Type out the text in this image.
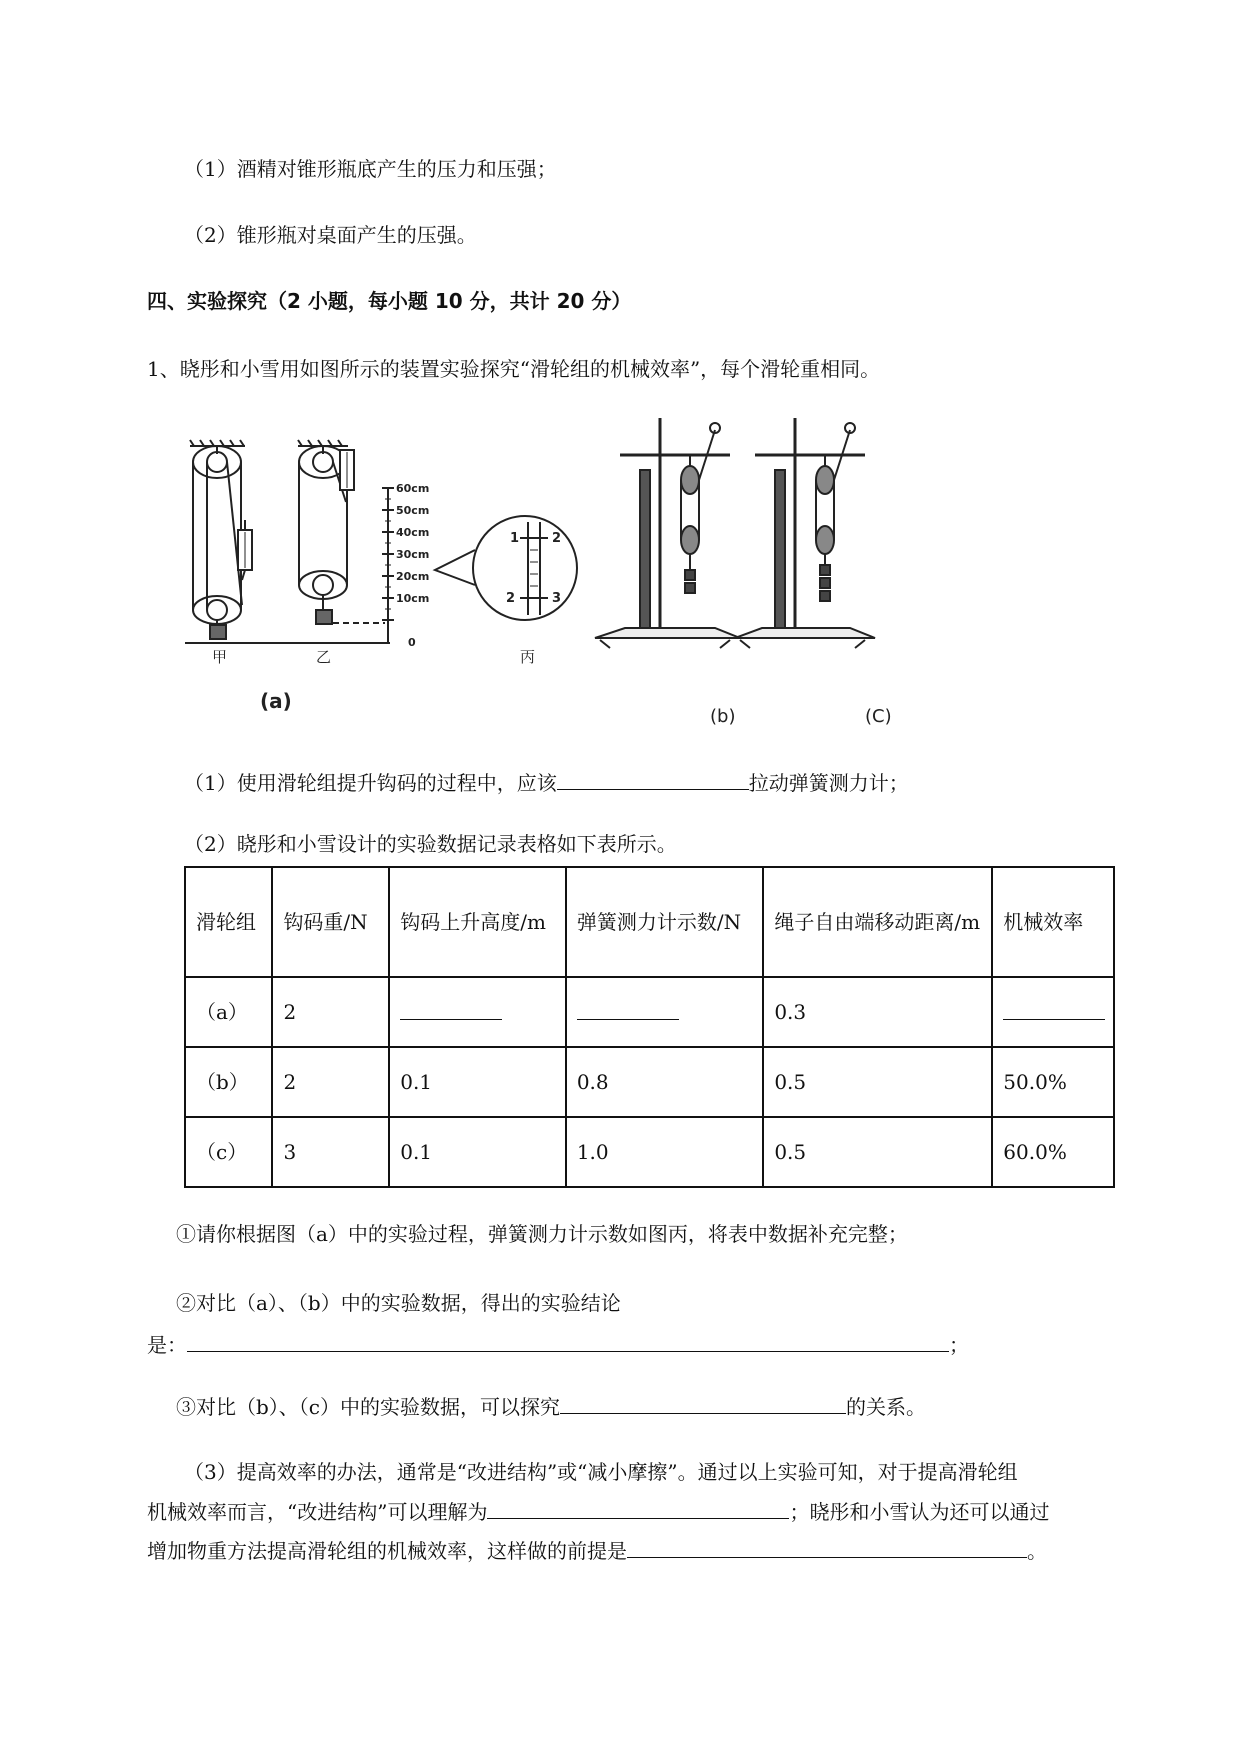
（1）酒精对锥形瓶底产生的压力和压强；
（2）锥形瓶对桌面产生的压强。
四、实验探究（2 小题，每小题 10 分，共计 20 分）
1、晓彤和小雪用如图所示的装置实验探究“滑轮组的机械效率”，每个滑轮重相同。
60cm
50cm
40cm
30cm
20cm
10cm
0
1
2
2
3
甲	乙	丙
(a)
(b)	(C)
（1）使用滑轮组提升钩码的过程中，应该	拉动弹簧测力计；
（2）晓彤和小雪设计的实验数据记录表格如下表所示。
滑轮组	钩码重/N	钩码上升高度/m	弹簧测力计示数/N	绳子自由端移动距离/m	机械效率
（a）	2			0.3	
（b）	2	0.1	0.8	0.5	50.0%
（c）	3	0.1	1.0	0.5	60.0%
①请你根据图（a）中的实验过程，弹簧测力计示数如图丙，将表中数据补充完整；
②对比（a）、（b）中的实验数据，得出的实验结论
是：	；
③对比（b）、（c）中的实验数据，可以探究	的关系。
（3）提高效率的办法，通常是“改进结构”或“减小摩擦”。通过以上实验可知，对于提高滑轮组
机械效率而言，“改进结构”可以理解为	；晓彤和小雪认为还可以通过
增加物重方法提高滑轮组的机械效率，这样做的前提是	。
